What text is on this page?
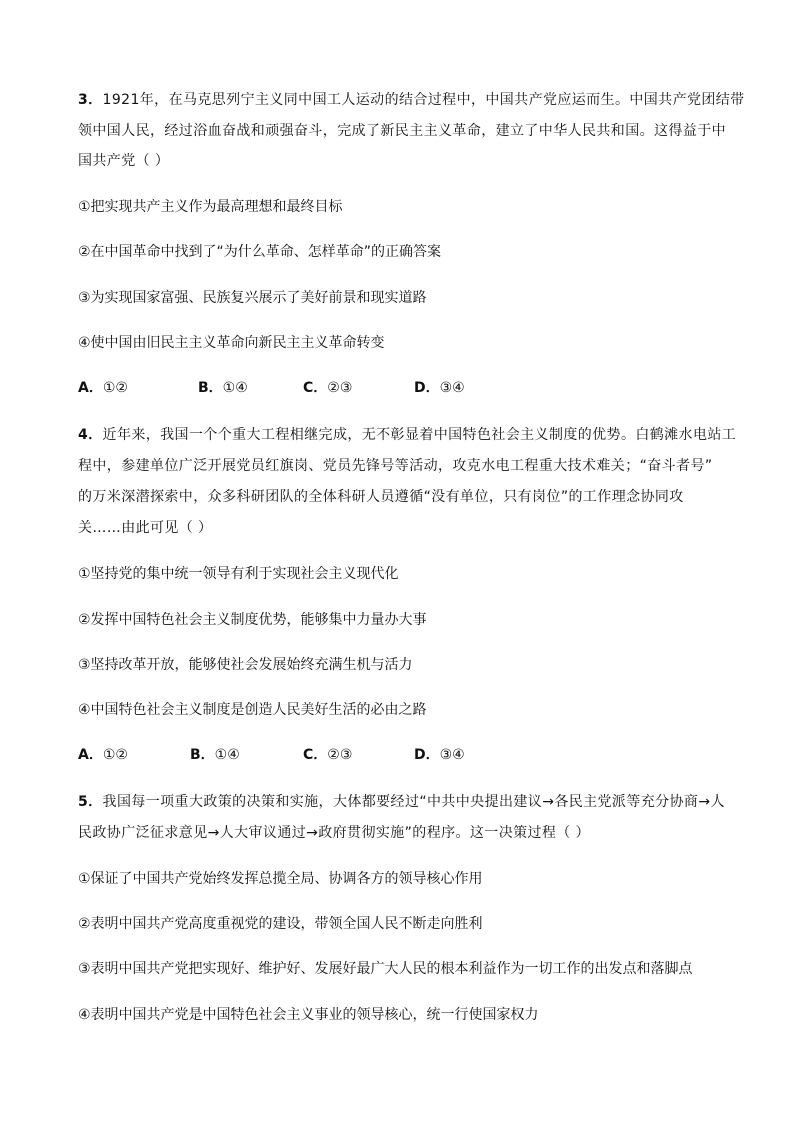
3．1921年，在马克思列宁主义同中国工人运动的结合过程中，中国共产党应运而生。中国共产党团结带
领中国人民，经过浴血奋战和顽强奋斗，完成了新民主主义革命，建立了中华人民共和国。这得益于中
国共产党（ ）
①把实现共产主义作为最高理想和最终目标
②在中国革命中找到了“为什么革命、怎样革命”的正确答案
③为实现国家富强、民族复兴展示了美好前景和现实道路
④使中国由旧民主主义革命向新民主主义革命转变
A．①②	B．①④	C．②③	D．③④
4．近年来，我国一个个重大工程相继完成，无不彰显着中国特色社会主义制度的优势。白鹤滩水电站工
程中，参建单位广泛开展党员红旗岗、党员先锋号等活动，攻克水电工程重大技术难关；“奋斗者号”
的万米深潜探索中，众多科研团队的全体科研人员遵循“没有单位，只有岗位”的工作理念协同攻
关……由此可见（ ）
①坚持党的集中统一领导有利于实现社会主义现代化
②发挥中国特色社会主义制度优势，能够集中力量办大事
③坚持改革开放，能够使社会发展始终充满生机与活力
④中国特色社会主义制度是创造人民美好生活的必由之路
A．①②	B．①④	C．②③	D．③④
5．我国每一项重大政策的决策和实施，大体都要经过“中共中央提出建议→各民主党派等充分协商→人
民政协广泛征求意见→人大审议通过→政府贯彻实施”的程序。这一决策过程（ ）
①保证了中国共产党始终发挥总揽全局、协调各方的领导核心作用
②表明中国共产党高度重视党的建设，带领全国人民不断走向胜利
③表明中国共产党把实现好、维护好、发展好最广大人民的根本利益作为一切工作的出发点和落脚点
④表明中国共产党是中国特色社会主义事业的领导核心，统一行使国家权力
